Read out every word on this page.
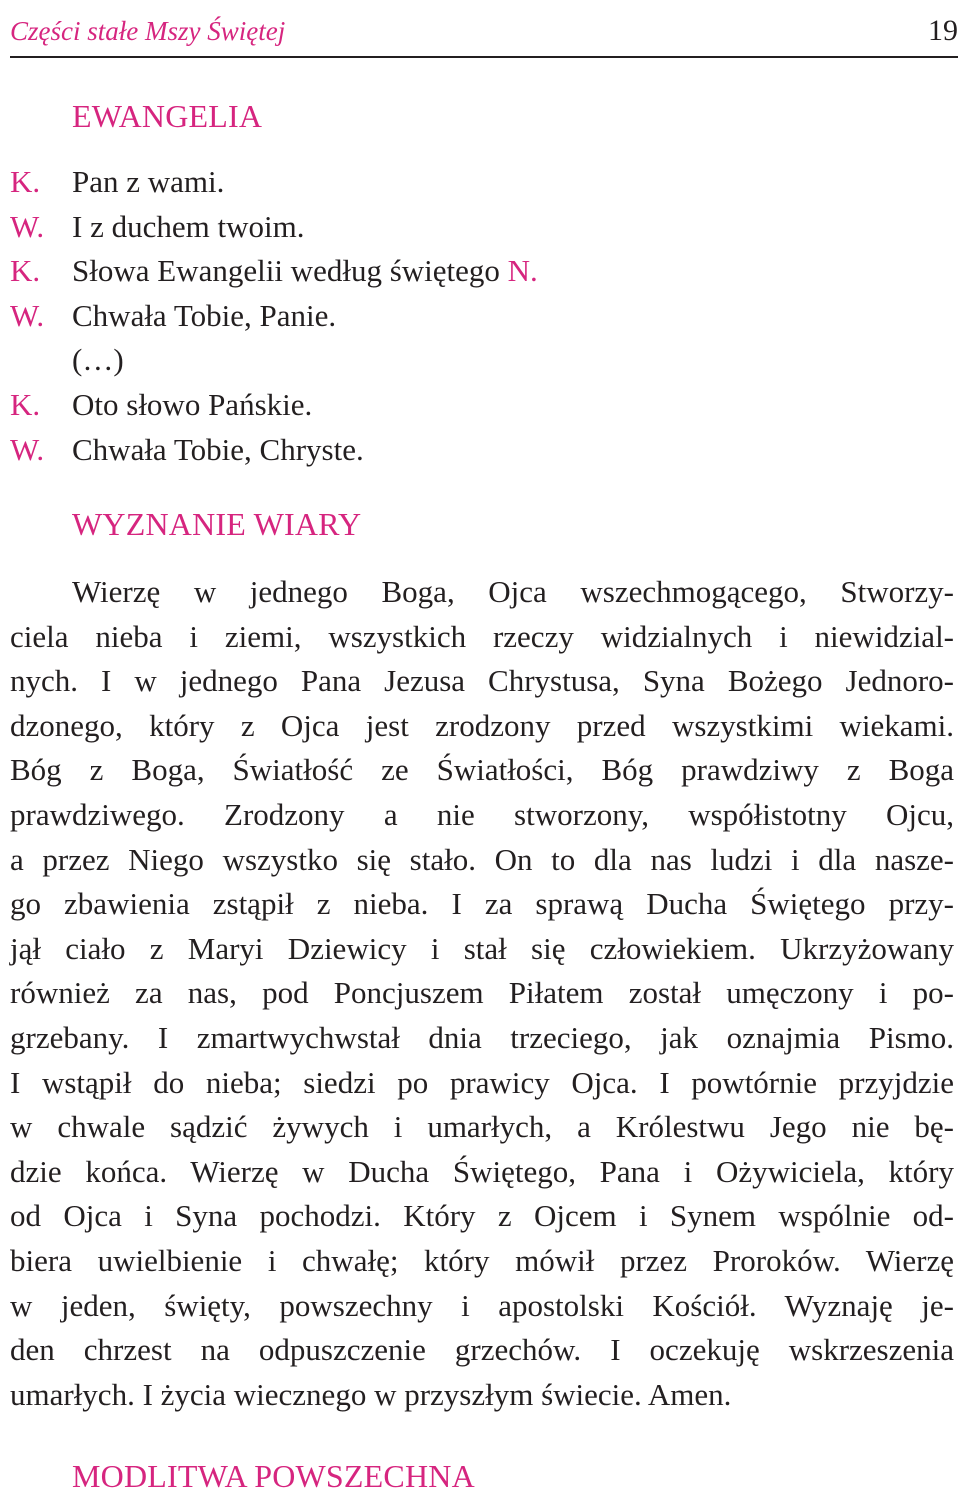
Części stałe Mszy Świętej	19
EWANGELIA
K. Pan z wami.
W. I z duchem twoim.
K. Słowa Ewangelii według świętego N.
W. Chwała Tobie, Panie.
(…)
K. Oto słowo Pańskie.
W. Chwała Tobie, Chryste.
WYZNANIE WIARY
Wierzę w jednego Boga, Ojca wszechmogącego, Stworzy-
ciela nieba i ziemi, wszystkich rzeczy widzialnych i niewidzial-
nych. I w jednego Pana Jezusa Chrystusa, Syna Bożego Jednoro-
dzonego, który z Ojca jest zrodzony przed wszystkimi wiekami.
Bóg z Boga, Światłość ze Światłości, Bóg prawdziwy z Boga
prawdziwego. Zrodzony a nie stworzony, współistotny Ojcu,
a przez Niego wszystko się stało. On to dla nas ludzi i dla nasze-
go zbawienia zstąpił z nieba. I za sprawą Ducha Świętego przy-
jął ciało z Maryi Dziewicy i stał się człowiekiem. Ukrzyżowany
również za nas, pod Poncjuszem Piłatem został umęczony i po-
grzebany. I zmartwychwstał dnia trzeciego, jak oznajmia Pismo.
I wstąpił do nieba; siedzi po prawicy Ojca. I powtórnie przyjdzie
w chwale sądzić żywych i umarłych, a Królestwu Jego nie bę-
dzie końca. Wierzę w Ducha Świętego, Pana i Ożywiciela, który
od Ojca i Syna pochodzi. Który z Ojcem i Synem wspólnie od-
biera uwielbienie i chwałę; który mówił przez Proroków. Wierzę
w jeden, święty, powszechny i apostolski Kościół. Wyznaję je-
den chrzest na odpuszczenie grzechów. I oczekuję wskrzeszenia
umarłych. I życia wiecznego w przyszłym świecie. Amen.
MODLITWA POWSZECHNA
